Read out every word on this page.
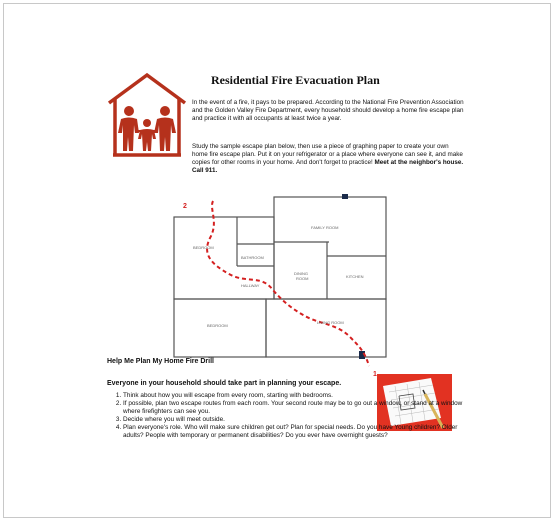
Residential Fire Evacuation Plan

In the event of a fire, it pays to be prepared. According to the National Fire Prevention Association and the Golden Valley Fire Department, every household should develop a home fire escape plan and practice it with all occupants at least twice a year.

Study the sample escape plan below, then use a piece of graphing paper to create your own home fire escape plan. Put it on your refrigerator or a place where everyone can see it, and make copies for other rooms in your home. And don't forget to practice! Meet at the neighbor's house. Call 911.

2
1
FAMILY ROOM
BEDROOM
BATHROOM
HALLWAY
DINING
ROOM	KITCHEN
BEDROOM
LIVING ROOM

Help Me Plan My Home Fire Drill

Everyone in your household should take part in planning your escape.

1. Think about how you will escape from every room, starting with bedrooms.
2. If possible, plan two escape routes from each room. Your second route may be to go out a window, or stand at a window where firefighters can see you.
3. Decide where you will meet outside.
4. Plan everyone's role. Who will make sure children get out? Plan for special needs. Do you have Young children? Older adults? People with temporary or permanent disabilities? Do you ever have overnight guests?
